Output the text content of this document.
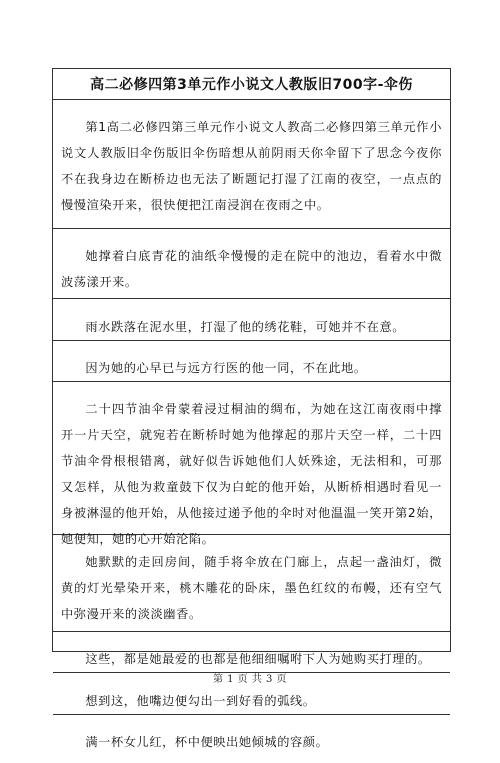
高二必修四第3单元作小说文人教版旧700字-伞伤

第1高二必修四第三单元作小说文人教高二必修四第三单元作小说文人教版旧伞伤版旧伞伤暗想从前阴雨天你伞留下了思念今夜你不在我身边在断桥边也无法了断题记打湿了江南的夜空，一点点的慢慢渲染开来，很快便把江南浸润在夜雨之中。

她撑着白底青花的油纸伞慢慢的走在院中的池边，看着水中微波荡漾开来。

雨水跌落在泥水里，打湿了他的绣花鞋，可她并不在意。

因为她的心早已与远方行医的他一同，不在此地。

二十四节油伞骨蒙着浸过桐油的绸布，为她在这江南夜雨中撑开一片天空，就宛若在断桥时她为他撑起的那片天空一样，二十四节油伞骨根根错离，就好似告诉她他们人妖殊途，无法相和，可那又怎样，从他为救童鼓下仅为白蛇的他开始，从断桥相遇时看见一身被淋湿的他开始，从他接过递予他的伞时对他温温一笑开第2始，她便知，她的心开始沦陷。

她默默的走回房间，随手将伞放在门廊上，点起一盏油灯，微黄的灯光晕染开来，桃木雕花的卧床，墨色红纹的布幔，还有空气中弥漫开来的淡淡幽香。

这些，都是她最爱的也都是他细细嘱咐下人为她购买打理的。

想到这，他嘴边便勾出一到好看的弧线。

满一杯女儿红，杯中便映出她倾城的容颜。

第 1 页 共 3 页
